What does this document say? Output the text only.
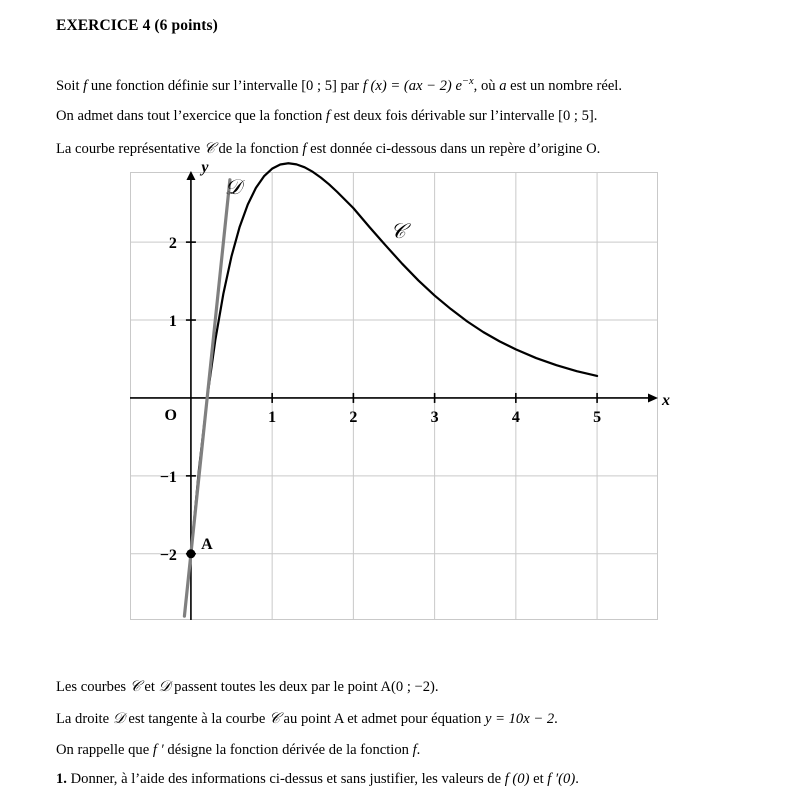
EXERCICE 4 (6 points)
Soit f une fonction définie sur l’intervalle [0 ; 5] par f (x) = (ax − 2) $e^{-x}$, où a est un nombre réel.
On admet dans tout l’exercice que la fonction f est deux fois dérivable sur l’intervalle [0 ; 5].
La courbe représentative 𝒞 de la fonction f est donnée ci-dessous dans un repère d’origine O.
1	2	3	4	5
−2
−1
1
2
O
x
y
𝒟
𝒞
A
Les courbes 𝒞 et 𝒟 passent toutes les deux par le point A(0 ; −2).
La droite 𝒟 est tangente à la courbe 𝒞 au point A et admet pour équation y = 10x − 2.
On rappelle que f ′ désigne la fonction dérivée de la fonction f.
1. Donner, à l’aide des informations ci-dessus et sans justifier, les valeurs de f (0) et f ′(0).
